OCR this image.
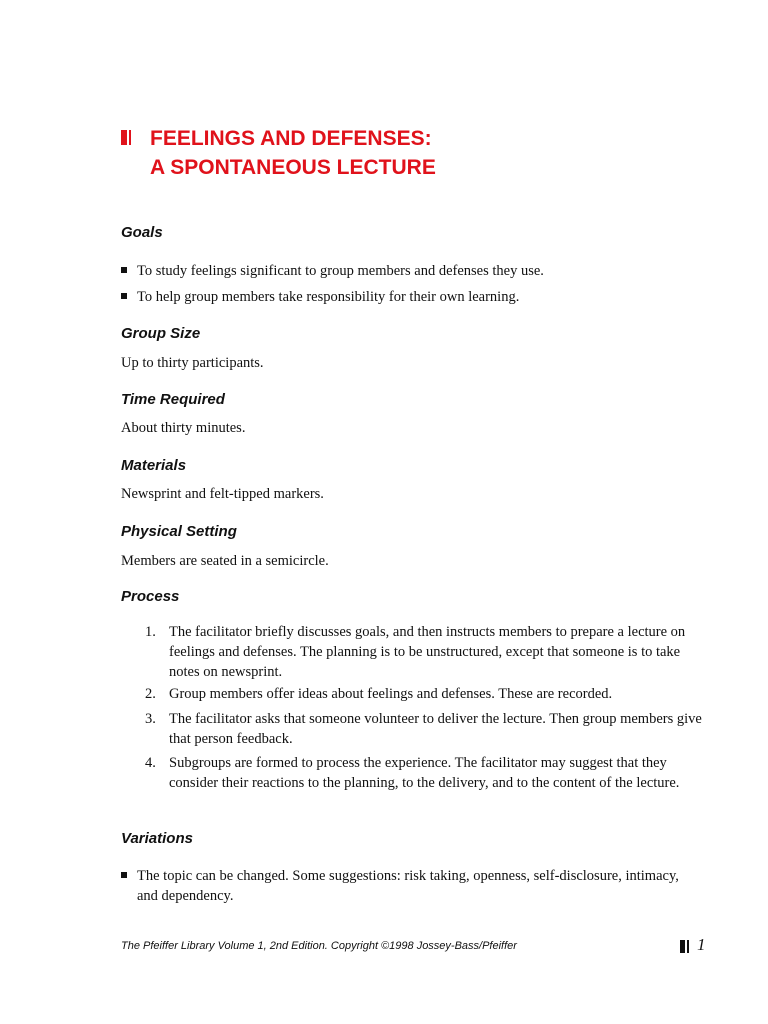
FEELINGS AND DEFENSES:
A SPONTANEOUS LECTURE
Goals
To study feelings significant to group members and defenses they use.
To help group members take responsibility for their own learning.
Group Size

Up to thirty participants.

Time Required

About thirty minutes.

Materials

Newsprint and felt-tipped markers.

Physical Setting

Members are seated in a semicircle.

Process
1. The facilitator briefly discusses goals, and then instructs members to prepare a lecture on feelings and defenses. The planning is to be unstructured, except that someone is to take notes on newsprint.
2. Group members offer ideas about feelings and defenses. These are recorded.
3. The facilitator asks that someone volunteer to deliver the lecture. Then group members give that person feedback.
4. Subgroups are formed to process the experience. The facilitator may suggest that they consider their reactions to the planning, to the delivery, and to the content of the lecture.
Variations
The topic can be changed. Some suggestions: risk taking, openness, self-disclosure, intimacy, and dependency.
The Pfeiffer Library Volume 1, 2nd Edition. Copyright ©1998 Jossey-Bass/Pfeiffer	1
